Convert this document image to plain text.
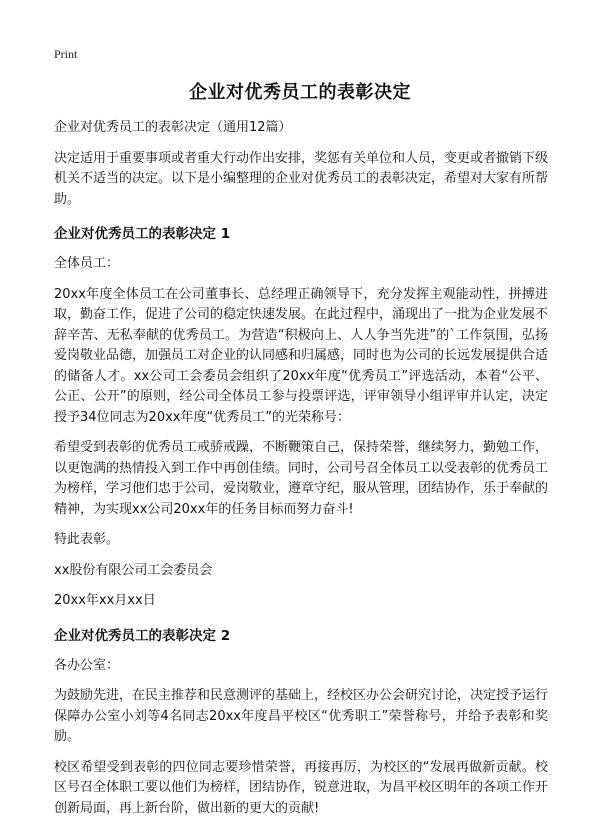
Print
企业对优秀员工的表彰决定

企业对优秀员工的表彰决定（通用12篇）

决定适用于重要事项或者重大行动作出安排，奖惩有关单位和人员，变更或者撤销下级机关不适当的决定。以下是小编整理的企业对优秀员工的表彰决定，希望对大家有所帮助。

企业对优秀员工的表彰决定 1

全体员工：

20xx年度全体员工在公司董事长、总经理正确领导下，充分发挥主观能动性，拼搏进取，勤奋工作，促进了公司的稳定快速发展。在此过程中，涌现出了一批为企业发展不辞辛苦、无私奉献的优秀员工。为营造“积极向上、人人争当先进”的`工作氛围，弘扬爱岗敬业品德，加强员工对企业的认同感和归属感，同时也为公司的长远发展提供合适的储备人才。xx公司工会委员会组织了20xx年度“优秀员工”评选活动，本着“公平、公正、公开”的原则，经公司全体员工参与投票评选，评审领导小组评审并认定，决定授予34位同志为20xx年度“优秀员工”的光荣称号：

希望受到表彰的优秀员工戒骄戒躁，不断鞭策自己，保持荣誉，继续努力，勤勉工作，以更饱满的热情投入到工作中再创佳绩。同时，公司号召全体员工以受表彰的优秀员工为榜样，学习他们忠于公司，爱岗敬业，遵章守纪，服从管理，团结协作，乐于奉献的精神，为实现xx公司20xx年的任务目标而努力奋斗!

特此表彰。

xx股份有限公司工会委员会

20xx年xx月xx日

企业对优秀员工的表彰决定 2

各办公室：

为鼓励先进，在民主推荐和民意测评的基础上，经校区办公会研究讨论，决定授予运行保障办公室小刘等4名同志20xx年度昌平校区“优秀职工”荣誉称号，并给予表彰和奖励。

校区希望受到表彰的四位同志要珍惜荣誉，再接再厉，为校区的“发展再做新贡献。校区号召全体职工要以他们为榜样，团结协作，锐意进取，为昌平校区明年的各项工作开创新局面，再上新台阶，做出新的更大的贡献!
